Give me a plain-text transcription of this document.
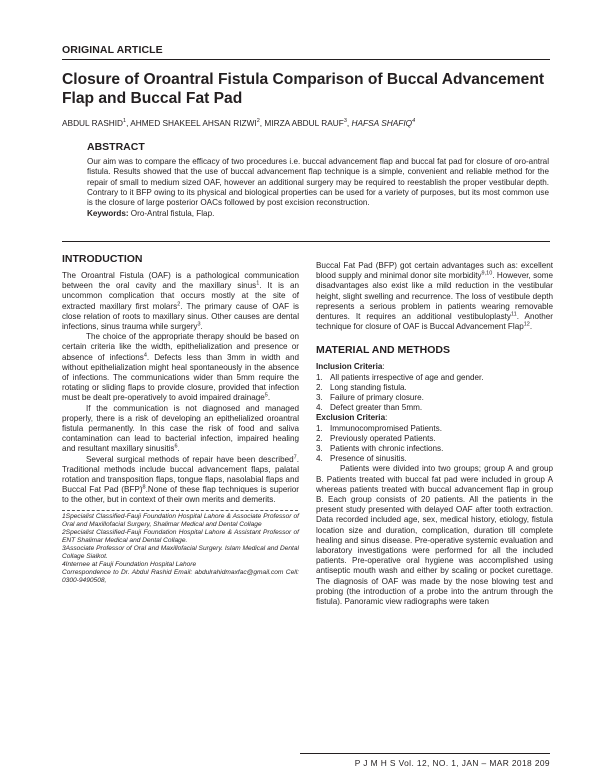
ORIGINAL ARTICLE
Closure of Oroantral Fistula Comparison of Buccal Advancement Flap and Buccal Fat Pad
ABDUL RASHID$^1$, AHMED SHAKEEL AHSAN RIZWI$^2$, MIRZA ABDUL RAUF$^3$, HAFSA SHAFIQ$^4$
ABSTRACT
Our aim was to compare the efficacy of two procedures i.e. buccal advancement flap and buccal fat pad for closure of oro-antral fistula. Results showed that the use of buccal advancement flap technique is a simple, convenient and reliable method for the repair of small to medium sized OAF, however an additional surgery may be required to reestablish the proper vestibular depth. Contrary to it BFP owing to its physical and biological properties can be used for a variety of purposes, but its most common use is the closure of large posterior OACs followed by post excision reconstruction.
Keywords: Oro-Antral fistula, Flap.
INTRODUCTION

The Oroantral Fistula (OAF) is a pathological communication between the oral cavity and the maxillary sinus$^1$. It is an uncommon complication that occurs mostly at the site of extracted maxillary first molars$^2$. The primary cause of OAF is close relation of roots to maxillary sinus. Other causes are dental infections, sinus trauma while surgery$^3$.

The choice of the appropriate therapy should be based on certain criteria like the width, epithelialization and presence or absence of infections$^4$. Defects less than 3mm in width and without epithelialization might heal spontaneously in the absence of infections. The communications wider than 5mm require the rotating or sliding flaps to provide closure, provided that infection must be dealt pre-operatively to avoid impaired drainage$^5$.

If the communication is not diagnosed and managed properly, there is a risk of developing an epithelialized oroantral fistula permanently. In this case the risk of food and saliva contamination can lead to bacterial infection, impaired healing and resultant maxillary sinusitis$^6$.

Several surgical methods of repair have been described$^7$. Traditional methods include buccal advancement flaps, palatal rotation and transposition flaps, tongue flaps, nasolabial flaps and Buccal Fat Pad (BFP)$^8$.None of these flap techniques is superior to the other, but in context of their own merits and demerits.

1Specialist Classified-Fauji Foundation Hospital Lahore & Associate Professor of Oral and Maxillofacial Surgery, Shalimar Medical and Dental Collage
2Specialist Classified-Fauji Foundation Hospital Lahore & Assistant Professor of ENT Shalimar Medical and Dental Collage.
3Associate Professor of Oral and Maxillofacial Surgery. Islam Medical and Dental Collage Sialkot.
4Internee at Fauji Foundation Hospital Lahore
Correspondence to Dr. Abdul Rashid Email: abdulrahidmaxfac@gmail.com Cell: 0300-9490508,

Buccal Fat Pad (BFP) got certain advantages such as: excellent blood supply and minimal donor site morbidity$^{9,10}$. However, some disadvantages also exist like a mild reduction in the vestibular height, slight swelling and recurrence. The loss of vestibule depth represents a serious problem in patients wearing removable dentures. It requires an additional vestibuloplasty$^{11}$. Another technique for closure of OAF is Buccal Advancement Flap$^{12}$.

MATERIAL AND METHODS
Inclusion Criteria:
1. All patients irrespective of age and gender.
2. Long standing fistula.
3. Failure of primary closure.
4. Defect greater than 5mm.
Exclusion Criteria:
1. Immunocompromised Patients.
2. Previously operated Patients.
3. Patients with chronic infections.
4. Presence of sinusitis.

Patients were divided into two groups; group A and group B. Patients treated with buccal fat pad were included in group A whereas patients treated with buccal advancement flap in group B. Each group consists of 20 patients. All the patients in the present study presented with delayed OAF after tooth extraction. Data recorded included age, sex, medical history, etiology, fistula location size and duration, complication, duration till complete healing and sinus disease. Pre-operative systemic evaluation and laboratory investigations were performed for all the included patients. Pre-operative oral hygiene was accomplished using antiseptic mouth wash and either by scaling or pocket curettage. The diagnosis of OAF was made by the nose blowing test and probing (the introduction of a probe into the antrum through the fistula). Panoramic view radiographs were taken

P J M H S Vol. 12, NO. 1, JAN – MAR 2018 209
